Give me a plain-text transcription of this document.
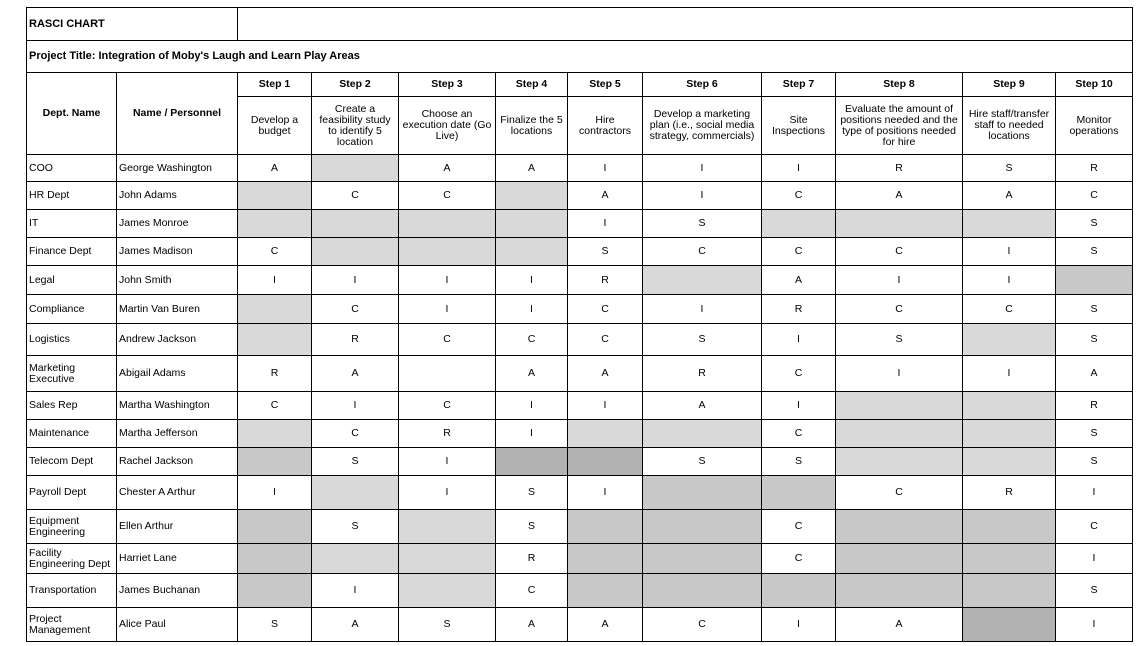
RASCI CHART											
Project Title: Integration of Moby's Laugh and Learn Play Areas											
Dept. Name	Name / Personnel	Step 1	Step 2	Step 3	Step 4	Step 5	Step 6	Step 7	Step 8	Step 9	Step 10
		Develop a budget	Create a feasibility study to identify 5 location	Choose an execution date (Go Live)	Finalize the 5 locations	Hire contractors	Develop a marketing plan (i.e., social media strategy, commercials)	Site Inspections	Evaluate the amount of positions needed and the type of positions needed for hire	Hire staff/transfer staff to needed locations	Monitor operations
COO	George Washington	A		A	A	I	I	I	R	S	R
HR Dept	John Adams		C	C		A	I	C	A	A	C
IT	James Monroe					I	S				S
Finance Dept	James Madison	C				S	C	C	C	I	S
Legal	John Smith	I	I	I	I	R		A	I	I	
Compliance	Martin Van Buren		C	I	I	C	I	R	C	C	S
Logistics	Andrew Jackson		R	C	C	C	S	I	S		S
Marketing Executive	Abigail Adams	R	A		A	A	R	C	I	I	A
Sales Rep	Martha Washington	C	I	C	I	I	A	I			R
Maintenance	Martha Jefferson		C	R	I			C			S
Telecom Dept	Rachel Jackson		S	I			S	S			S
Payroll Dept	Chester A Arthur	I		I	S	I			C	R	I
Equipment Engineering	Ellen Arthur		S		S			C			C
Facility Engineering Dept	Harriet Lane				R			C			I
Transportation	James Buchanan		I		C						S
Project Management	Alice Paul	S	A	S	A	A	C	I	A		I
